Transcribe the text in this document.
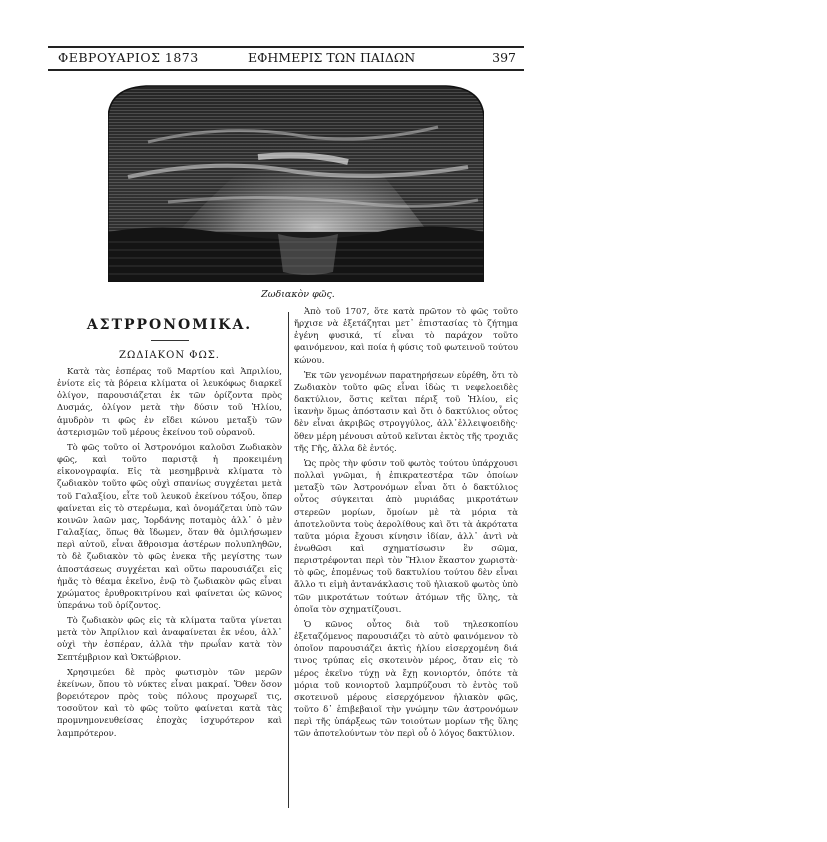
ΦΕΒΡΟΥΑΡΙΟΣ 1873	ΕΦΗΜΕΡΙΣ ΤΩΝ ΠΑΙΔΩΝ	397
Ζωδιακὸν φῶς.
ΑΣΤΡΡΟΝΟΜΙΚΑ.
ΖΩΔΙΑΚΟΝ ΦΩΣ.

Κατὰ τὰς ἑσπέρας τοῦ Μαρτίου καὶ Ἀπριλίου, ἐνίοτε εἰς τὰ βόρεια κλίματα οἱ λευκόφως διαρκεῖ ὀλίγον, παρουσιάζεται ἐκ τῶν ὁρίζοντα πρὸς Δυσμάς, ὀλίγον μετὰ τὴν δύσιν τοῦ Ἡλίου, ἀμυδρὸν τι φῶς ἐν εἴδει κώνου μεταξὺ τῶν ἀστερισμῶν τοῦ μέρους ἐκείνου τοῦ οὐρανοῦ.

Τὸ φῶς τοῦτο οἱ Ἀστρονόμοι καλοῦσι Ζωδιακὸν φῶς, καὶ τοῦτο παριστᾷ ἡ προκειμένη εἰκονογραφία. Εἰς τὰ μεσημβρινὰ κλίματα τὸ ζωδιακὸν τοῦτο φῶς οὐχὶ σπανίως συγχέεται μετὰ τοῦ Γαλαξίου, εἶτε τοῦ λευκοῦ ἐκείνου τόξου, ὅπερ φαίνεται εἰς τὸ στερέωμα, καὶ ὀνομάζεται ὑπὸ τῶν κοινῶν λαῶν μας, Ἱορδάνης ποταμὸς ἀλλ᾽ ὁ μὲν Γαλαξίας, ὅπως θὰ ἴδωμεν, ὅταν θὰ ὁμιλήσωμεν περὶ αὐτοῦ, εἶναι ἄθροισμα ἀστέρων πολυπληθῶν, τὸ δὲ ζωδιακὸν τὸ φῶς ἐνεκα τῆς μεγίστης των ἀποστάσεως συγχέεται καὶ οὕτω παρουσιάζει εἰς ἡμᾶς τὸ θέαμα ἐκεῖνο, ἐνῷ τὸ ζωδιακὸν φῶς εἶναι χρώματος ἐρυθροκιτρίνου καὶ φαίνεται ὡς κῶνος ὑπεράνω τοῦ ὁρίζοντος.

Τὸ ζωδιακὸν φῶς εἰς τὰ κλίματα ταῦτα γίνεται μετὰ τὸν Ἀπρίλιον καὶ ἀναφαίνεται ἐκ νέου, ἀλλ᾽ οὐχὶ τὴν ἑσπέραν, ἀλλὰ τὴν πρωΐαν κατὰ τὸν Σεπτέμβριον καὶ Ὀκτώβριον.

Χρησιμεύει δὲ πρὸς φωτισμὸν τῶν μερῶν ἐκείνων, ὅπου τὸ νύκτες εἶναι μακραί. Ὅθεν ὅσον βορειότερον πρὸς τοὺς πόλους προχωρεῖ τις, τοσοῦτον καὶ τὸ φῶς τοῦτο φαίνεται κατὰ τὰς προμνημονευθείσας ἐποχὰς ἰσχυρότερον καὶ λαμπρότερον.

Ἀπὸ τοῦ 1707, ὅτε κατὰ πρῶτον τὸ φῶς τοῦτο ἤρχισε νὰ ἐξετάζηται μετ᾽ ἐπιστασίας τὸ ζήτημα ἐγένη φυσικά, τί εἶναι τὸ παράχον τοῦτο φαινόμενον, καὶ ποία ἡ φύσις τοῦ φωτεινοῦ τούτου κώνου.

Ἐκ τῶν γενομένων παρατηρήσεων εὑρέθη, ὅτι τὸ Ζωδιακὸν τοῦτο φῶς εἶναι ἰδὼς τι νεφελοειδὲς δακτύλιον, ὅστις κεῖται πέριξ τοῦ Ἡλίου, εἰς ἱκανὴν ὅμως ἀπόστασιν καὶ ὅτι ὁ δακτύλιος οὗτος δὲν εἶναι ἀκριβῶς στρογγύλος, ἀλλ᾽ἐλλειψοειδὴς· ὅθεν μέρη μένουσι αὐτοῦ κεῖνται ἐκτὸς τῆς τροχιᾶς τῆς Γῆς, ἄλλα δὲ ἐντός.

Ὡς πρὸς τὴν φύσιν τοῦ φωτὸς τούτου ὑπάρχουσι πολλαὶ γνῶμαι, ἡ ἐπικρατεστέρα τῶν ὁποίων μεταξὺ τῶν Ἀστρονόμων εἶναι ὅτι ὁ δακτύλιος οὗτος σύγκειται ἀπὸ μυριάδας μικροτάτων στερεῶν μορίων, ὅμοίων μὲ τὰ μόρια τὰ ἀποτελοῦντα τοὺς ἀερολίθους καὶ ὅτι τὰ ἀκρότατα ταῦτα μόρια ἔχουσι κίνησιν ἰδίαν, ἀλλ᾽ ἀντὶ νὰ ἑνωθῶσι καὶ σχηματίσωσιν ἓν σῶμα, περιστρέφονται περὶ τὸν Ἥλιον ἕκαστον χωριστὰ· τὸ φῶς, ἐπομένως τοῦ δακτυλίου τούτου δὲν εἶναι ἄλλο τι εἰμὴ ἀντανάκλασις τοῦ ἡλιακοῦ φωτὸς ὑπὸ τῶν μικροτάτων τούτων ἀτόμων τῆς ὕλης, τὰ ὁποῖα τὸν σχηματίζουσι.

Ὁ κῶνος οὗτος διὰ τοῦ τηλεσκοπίου ἐξεταζόμενος παρουσιάζει τὸ αὐτὸ φαινόμενον τὸ ὁποῖον παρουσιάζει ἀκτὶς ἡλίου εἰσερχομένη διά τινος τρύπας εἰς σκοτεινὸν μέρος, ὅταν εἰς τὸ μέρος ἐκεῖνο τύχῃ νὰ ἔχῃ κονιορτόν, ὁπότε τὰ μόρια τοῦ κονιορτοῦ λαμπρύζουσι τὸ ἐντὸς τοῦ σκοτεινοῦ μέρους εἰσερχόμενον ἡλιακὸν φῶς, τοῦτο δ᾽ ἐπιβεβαιοῖ τὴν γνώμην τῶν ἀστρονόμων περὶ τῆς ὑπάρξεως τῶν τοιούτων μορίων τῆς ὕλης τῶν ἀποτελούντων τὸν περὶ οὗ ὁ λόγος δακτύλιον.
